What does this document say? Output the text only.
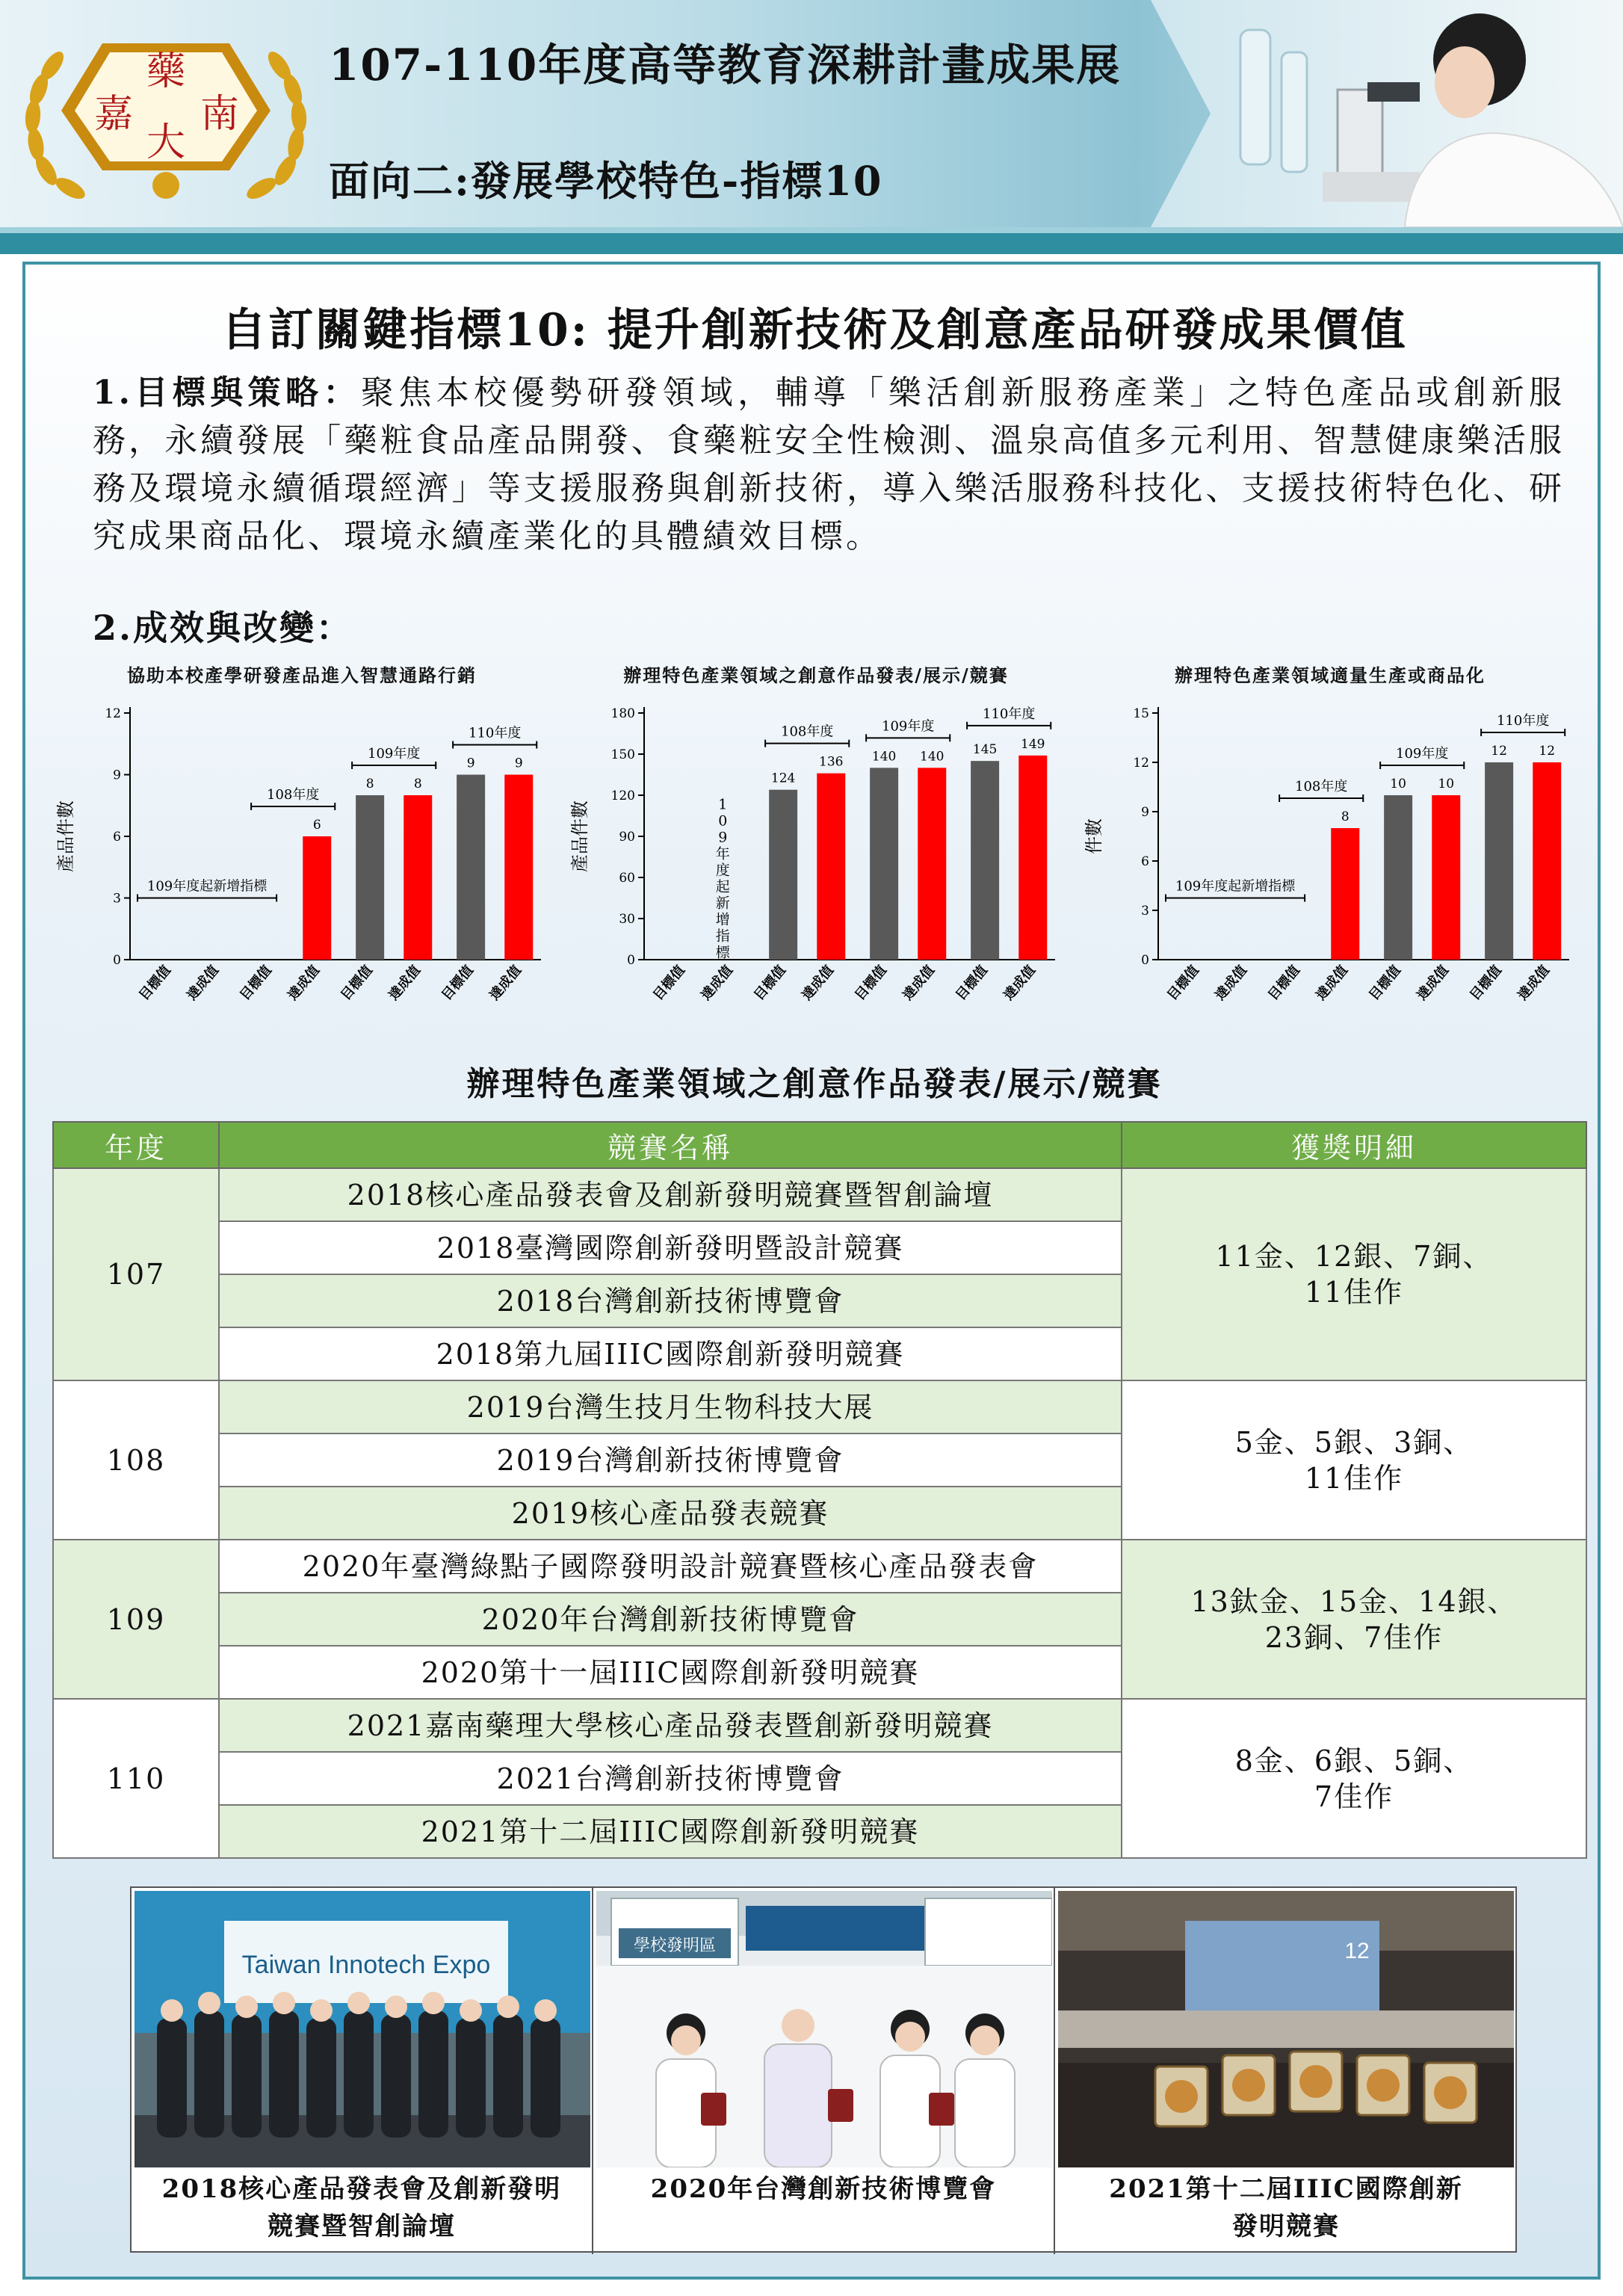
藥
嘉 南
大
107-110年度高等教育深耕計畫成果展
面向二:發展學校特色-指標10
自訂關鍵指標10: 提升創新技術及創意產品研發成果價值
1.目標與策略：聚焦本校優勢研發領域，輔導「樂活創新服務產業」之特色產品或創新服務，永續發展「藥粧食品產品開發、食藥粧安全性檢測、溫泉高值多元利用、智慧健康樂活服務及環境永續循環經濟」等支援服務與創新技術，導入樂活服務科技化、支援技術特色化、研究成果商品化、環境永續產業化的具體績效目標。
2.成效與改變：
協助本校產學研發產品進入智慧通路行銷
0
3
6
9
12
產品件數
目標值 達成值 目標值
6
達成值
8
目標值
8
達成值
9
目標值
9
達成值
108年度
109年度
110年度
109年度起新增指標
辦理特色產業領域之創意作品發表/展示/競賽
0
30
60
90
120
150
180
產品件數
目標值 達成值
124
目標值
136
達成值
140
目標值
140
達成值
145
目標值
149
達成值
108年度	109年度
110年度
1
0
9
年
度
起
新
增
指
標
辦理特色產業領域適量生產或商品化
0
3
6
9
12
15
件數
目標值 達成值 目標值
8
達成值
10
目標值
10
達成值
12
目標值
12
達成值
108年度
109年度
110年度
109年度起新增指標
辦理特色產業領域之創意作品發表/展示/競賽
年度	競賽名稱	獲獎明細
107	2018核心產品發表會及創新發明競賽暨智創論壇	11金、12銀、7銅、
11佳作
	2018臺灣國際創新發明暨設計競賽	
	2018台灣創新技術博覽會	
	2018第九屆IIIC國際創新發明競賽	
108	2019台灣生技月生物科技大展	5金、5銀、3銅、
11佳作
	2019台灣創新技術博覽會	
	2019核心產品發表競賽	
109	2020年臺灣綠點子國際發明設計競賽暨核心產品發表會	13鈦金、15金、14銀、
23銅、7佳作
	2020年台灣創新技術博覽會	
	2020第十一屆IIIC國際創新發明競賽	
110	2021嘉南藥理大學核心產品發表暨創新發明競賽	8金、6銀、5銅、
7佳作
	2021台灣創新技術博覽會	
	2021第十二屆IIIC國際創新發明競賽	
Taiwan Innotech Expo
2018核心產品發表會及創新發明
競賽暨智創論壇
學校發明區
2020年台灣創新技術博覽會
12
2021第十二屆IIIC國際創新
發明競賽
